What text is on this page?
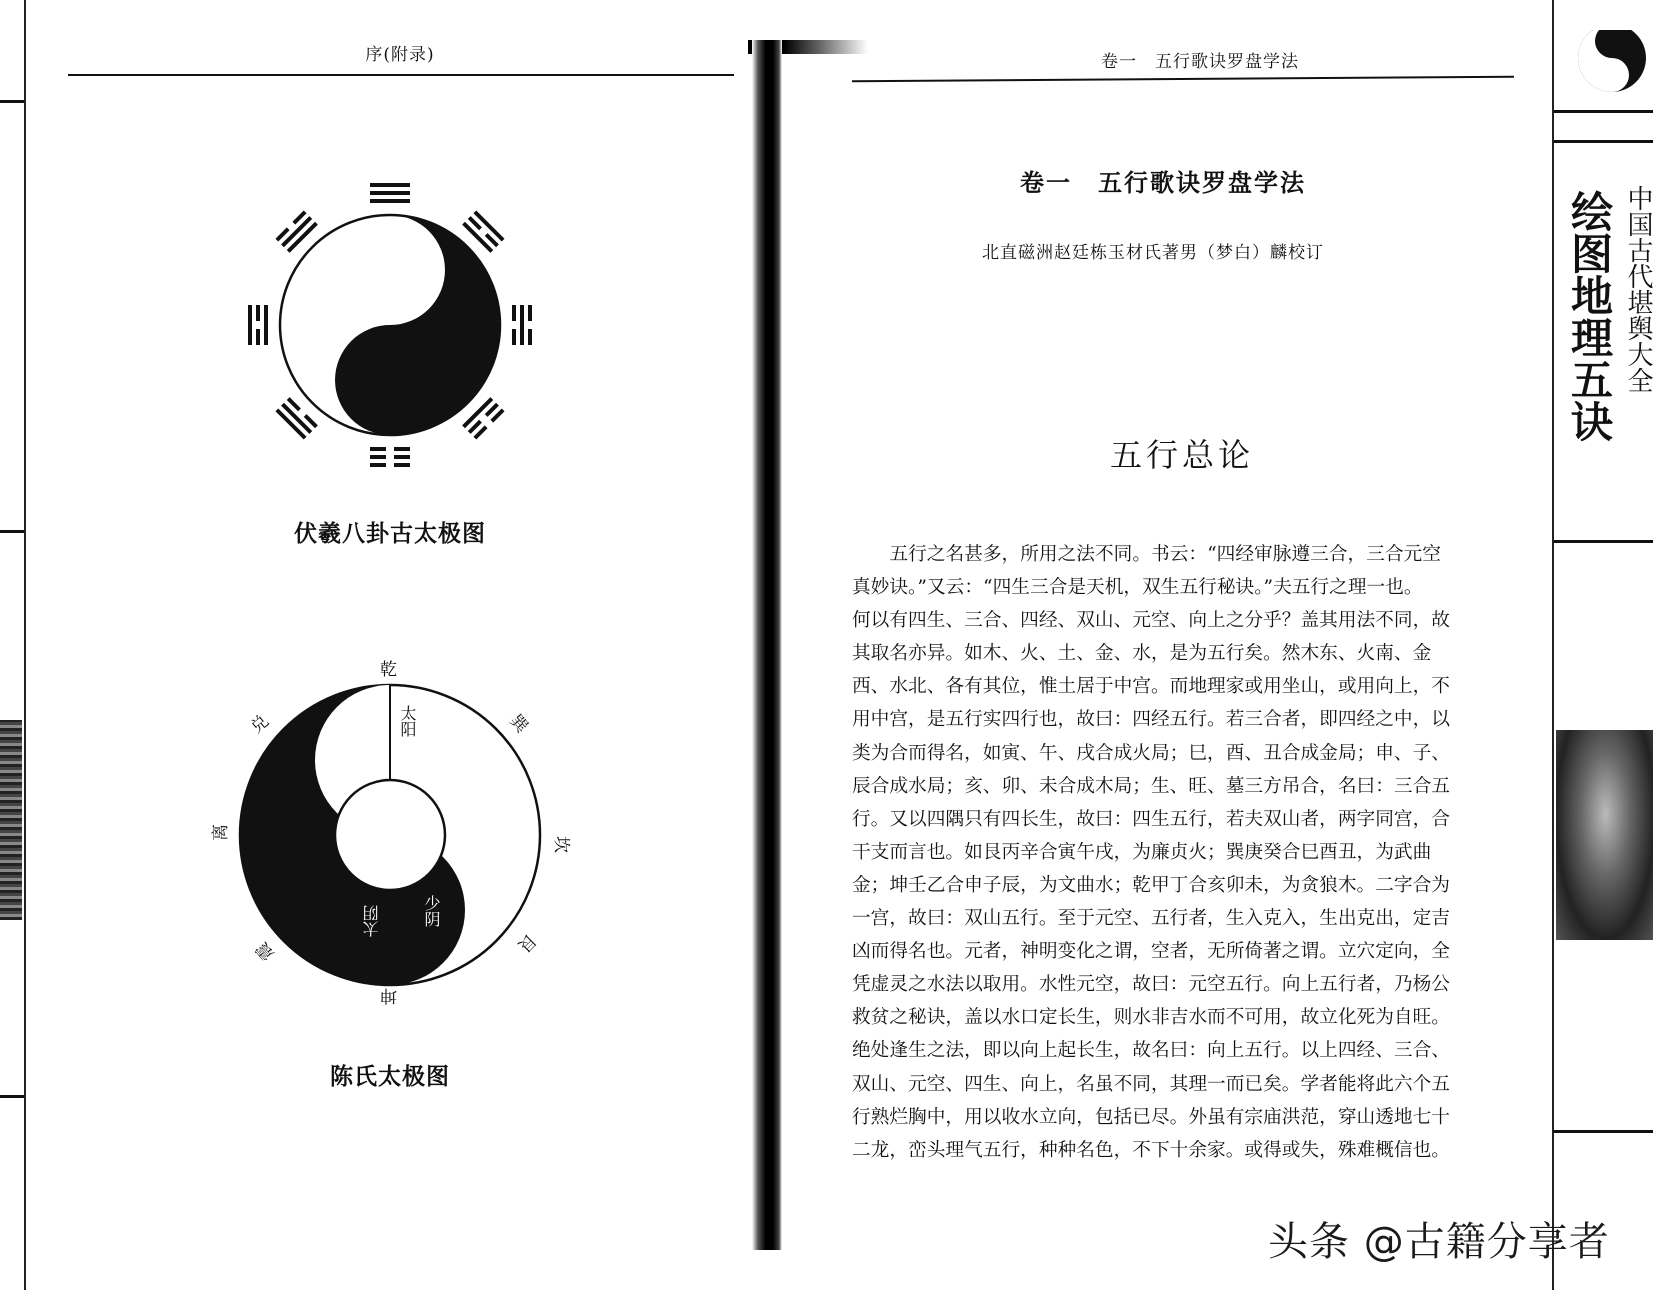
序(附录)
伏羲八卦古太极图
乾
巽
坎
艮
坤
震
离
兑	太阳
少阳
太阴	少阴
陈氏太极图
卷一　五行歌诀罗盘学法
卷一　五行歌诀罗盘学法
北直磁洲赵廷栋玉材氏著男（梦白）麟校订
五行总论
五行之名甚多，所用之法不同。书云：“四经审脉遵三合，三合元空
真妙诀。”又云：“四生三合是天机，双生五行秘诀。”夫五行之理一也。
何以有四生、三合、四经、双山、元空、向上之分乎？盖其用法不同，故
其取名亦异。如木、火、土、金、水，是为五行矣。然木东、火南、金
西、水北、各有其位，惟土居于中宫。而地理家或用坐山，或用向上，不
用中宫，是五行实四行也，故曰：四经五行。若三合者，即四经之中，以
类为合而得名，如寅、午、戌合成火局；巳，酉、丑合成金局；申、子、
辰合成水局；亥、卯、未合成木局；生、旺、墓三方吊合，名曰：三合五
行。又以四隅只有四长生，故曰：四生五行，若夫双山者，两字同宫，合
干支而言也。如艮丙辛合寅午戌，为廉贞火；巽庚癸合巳酉丑，为武曲
金；坤壬乙合申子辰，为文曲水；乾甲丁合亥卯未，为贪狼木。二字合为
一宫，故曰：双山五行。至于元空、五行者，生入克入，生出克出，定吉
凶而得名也。元者，神明变化之谓，空者，无所倚著之谓。立穴定向，全
凭虚灵之水法以取用。水性元空，故曰：元空五行。向上五行者，乃杨公
救贫之秘诀，盖以水口定长生，则水非吉水而不可用，故立化死为自旺。
绝处逢生之法，即以向上起长生，故名曰：向上五行。以上四经、三合、
双山、元空、四生、向上，名虽不同，其理一而已矣。学者能将此六个五
行熟烂胸中，用以收水立向，包括已尽。外虽有宗庙洪范，穿山透地七十
二龙，峦头理气五行，种种名色，不下十余家。或得或失，殊难概信也。
绘图地理五诀 中国古代堪舆大全
头条 @古籍分享者
